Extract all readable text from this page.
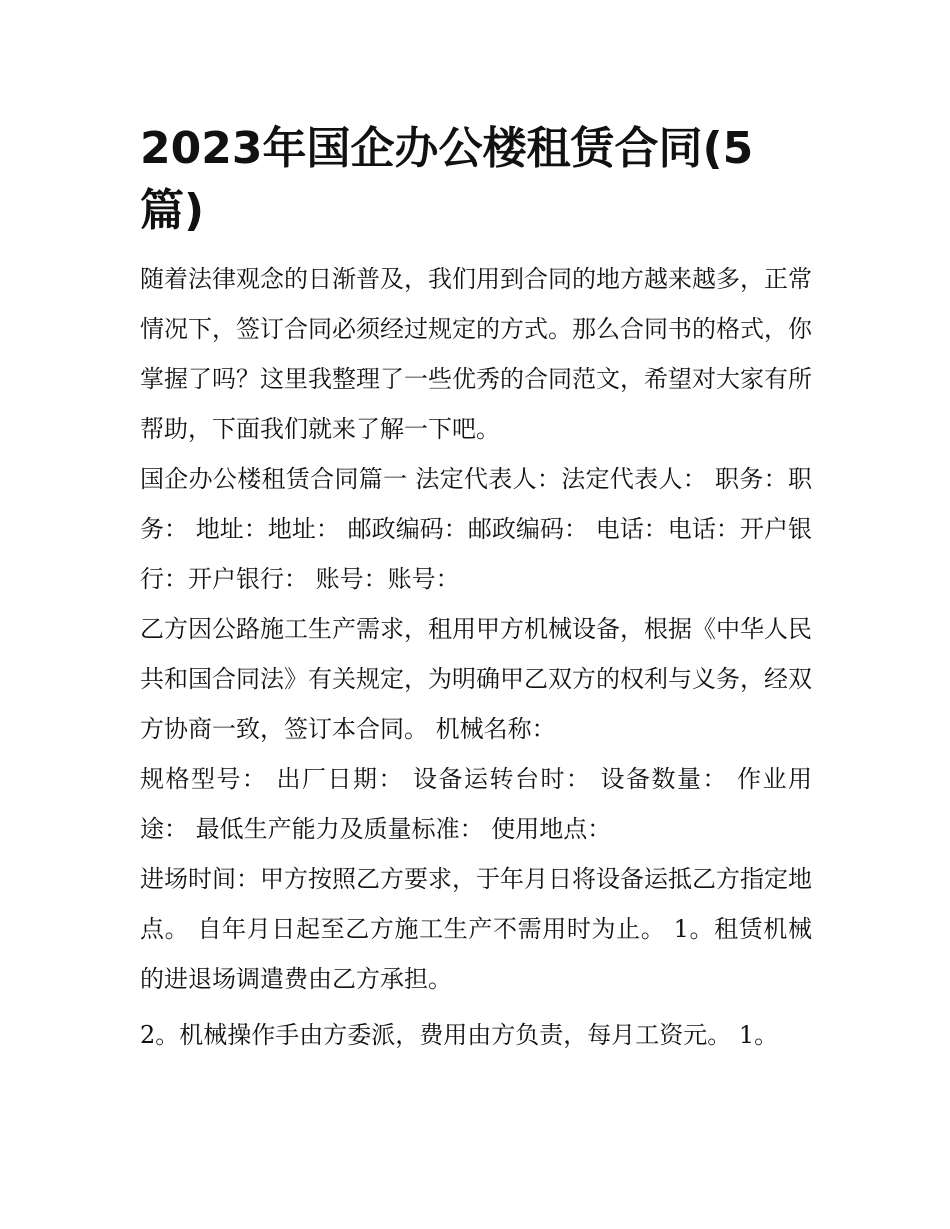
2023年国企办公楼租赁合同(5篇)

随着法律观念的日渐普及，我们用到合同的地方越来越多，正常情况下，签订合同必须经过规定的方式。那么合同书的格式，你掌握了吗？这里我整理了一些优秀的合同范文，希望对大家有所帮助，下面我们就来了解一下吧。

国企办公楼租赁合同篇一 法定代表人：法定代表人： 职务：职务： 地址：地址： 邮政编码：邮政编码： 电话：电话：开户银行：开户银行： 账号：账号：

乙方因公路施工生产需求，租用甲方机械设备，根据《中华人民共和国合同法》有关规定，为明确甲乙双方的权利与义务，经双方协商一致，签订本合同。 机械名称：

规格型号： 出厂日期： 设备运转台时： 设备数量： 作业用途： 最低生产能力及质量标准： 使用地点：

进场时间：甲方按照乙方要求，于年月日将设备运抵乙方指定地点。 自年月日起至乙方施工生产不需用时为止。 1。租赁机械的进退场调遣费由乙方承担。

2。机械操作手由方委派，费用由方负责，每月工资元。 1。
